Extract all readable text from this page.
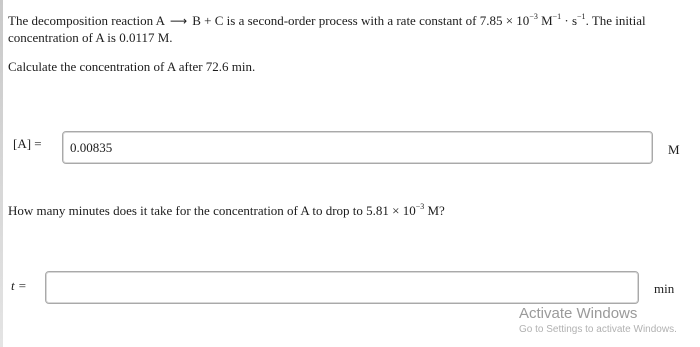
The decomposition reaction A ⟶ B + C is a second-order process with a rate constant of $7.85 \times 10^{-3}$ $M^{-1} \cdot s^{-1}$. The initial
concentration of A is 0.0117 M.
Calculate the concentration of A after 72.6 min.
[A] =
0.00835	M
How many minutes does it take for the concentration of A to drop to $5.81 \times 10^{-3}$ M?
t =	min
Activate Windows
Go to Settings to activate Windows.
